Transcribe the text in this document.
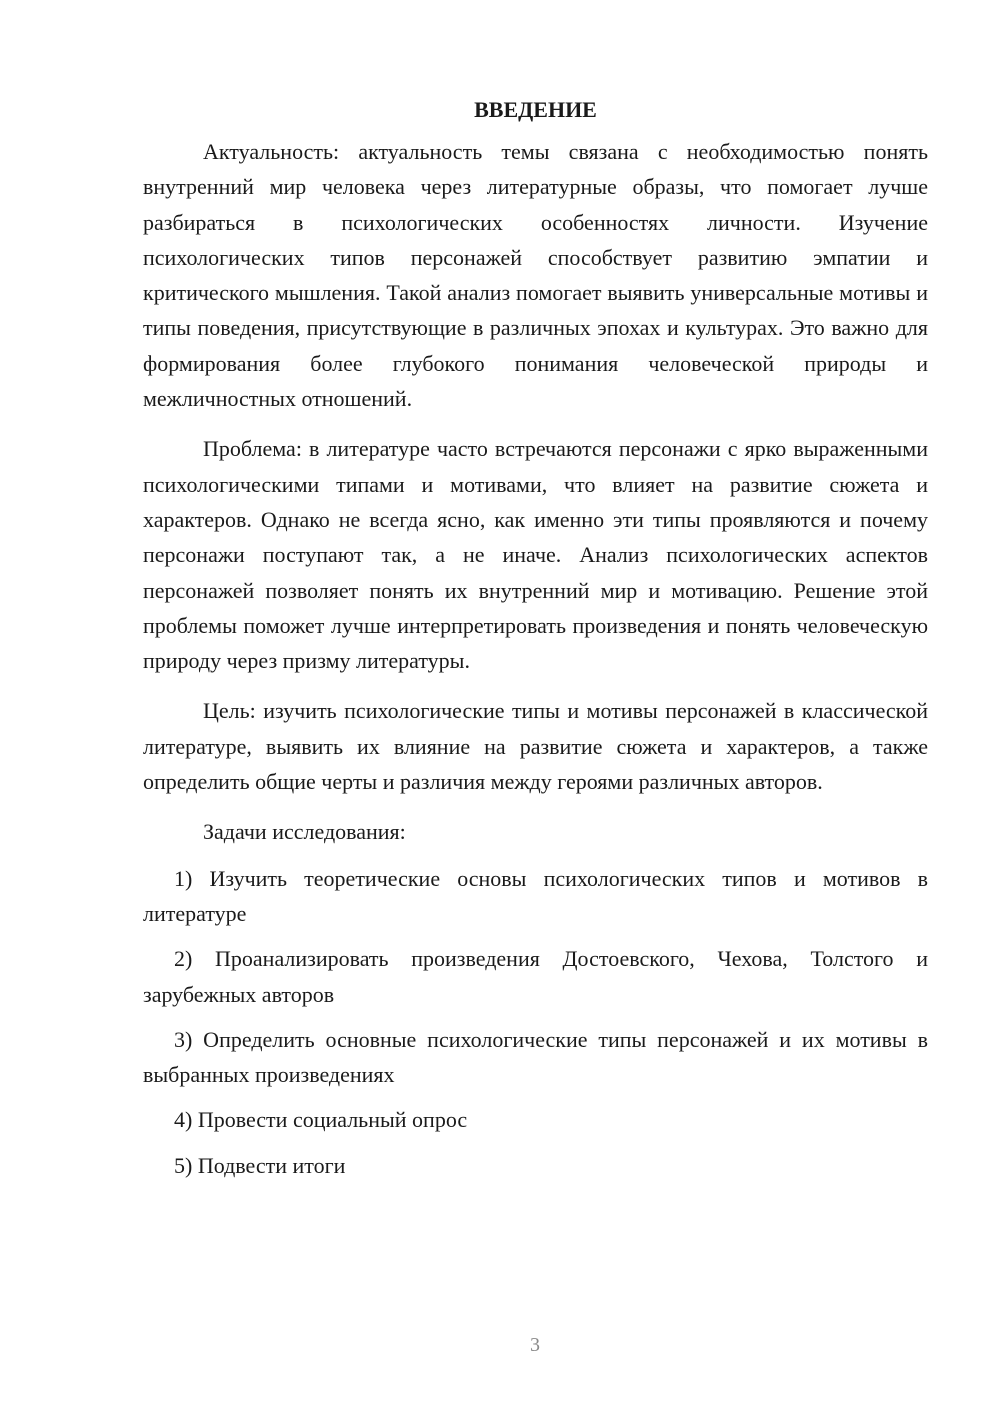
ВВЕДЕНИЕ

Актуальность: актуальность темы связана с необходимостью понять внутренний мир человека через литературные образы, что помогает лучше разбираться в психологических особенностях личности. Изучение психологических типов персонажей способствует развитию эмпатии и критического мышления. Такой анализ помогает выявить универсальные мотивы и типы поведения, присутствующие в различных эпохах и культурах. Это важно для формирования более глубокого понимания человеческой природы и межличностных отношений.

Проблема: в литературе часто встречаются персонажи с ярко выраженными психологическими типами и мотивами, что влияет на развитие сюжета и характеров. Однако не всегда ясно, как именно эти типы проявляются и почему персонажи поступают так, а не иначе. Анализ психологических аспектов персонажей позволяет понять их внутренний мир и мотивацию. Решение этой проблемы поможет лучше интерпретировать произведения и понять человеческую природу через призму литературы.

Цель: изучить психологические типы и мотивы персонажей в классической литературе, выявить их влияние на развитие сюжета и характеров, а также определить общие черты и различия между героями различных авторов.

Задачи исследования:

1) Изучить теоретические основы психологических типов и мотивов в литературе

2) Проанализировать произведения Достоевского, Чехова, Толстого и зарубежных авторов

3) Определить основные психологические типы персонажей и их мотивы в выбранных произведениях

4) Провести социальный опрос

5) Подвести итоги

3
